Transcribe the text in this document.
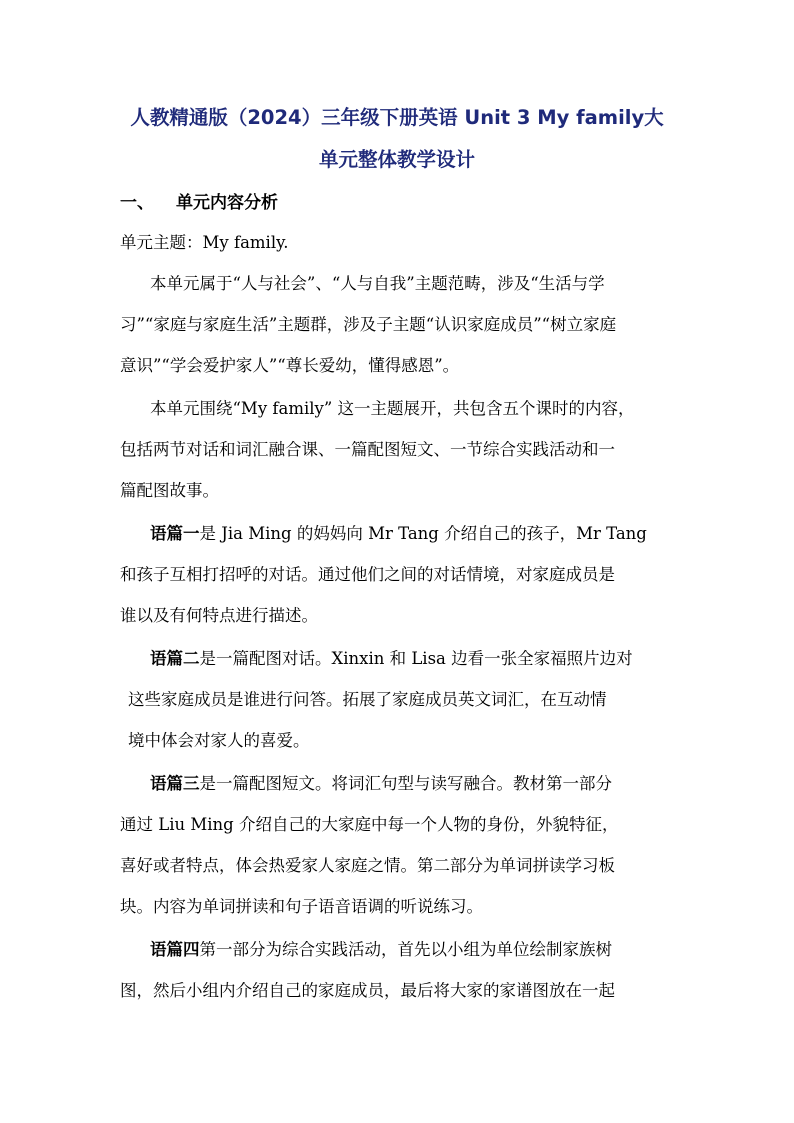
人教精通版（2024）三年级下册英语 Unit 3 My family大
单元整体教学设计
一、 单元内容分析
单元主题：My family.
本单元属于“人与社会”、“人与自我”主题范畴，涉及“生活与学
习”“家庭与家庭生活”主题群，涉及子主题“认识家庭成员”“树立家庭
意识”“学会爱护家人”“尊长爱幼，懂得感恩”。
本单元围绕“My family” 这一主题展开，共包含五个课时的内容，
包括两节对话和词汇融合课、一篇配图短文、一节综合实践活动和一
篇配图故事。
语篇一是 Jia Ming 的妈妈向 Mr Tang 介绍自己的孩子，Mr Tang
和孩子互相打招呼的对话。通过他们之间的对话情境，对家庭成员是
谁以及有何特点进行描述。
语篇二是一篇配图对话。Xinxin 和 Lisa 边看一张全家福照片边对
这些家庭成员是谁进行问答。拓展了家庭成员英文词汇，在互动情
境中体会对家人的喜爱。
语篇三是一篇配图短文。将词汇句型与读写融合。教材第一部分
通过 Liu Ming 介绍自己的大家庭中每一个人物的身份，外貌特征，
喜好或者特点，体会热爱家人家庭之情。第二部分为单词拼读学习板
块。内容为单词拼读和句子语音语调的听说练习。
语篇四第一部分为综合实践活动，首先以小组为单位绘制家族树
图，然后小组内介绍自己的家庭成员，最后将大家的家谱图放在一起
